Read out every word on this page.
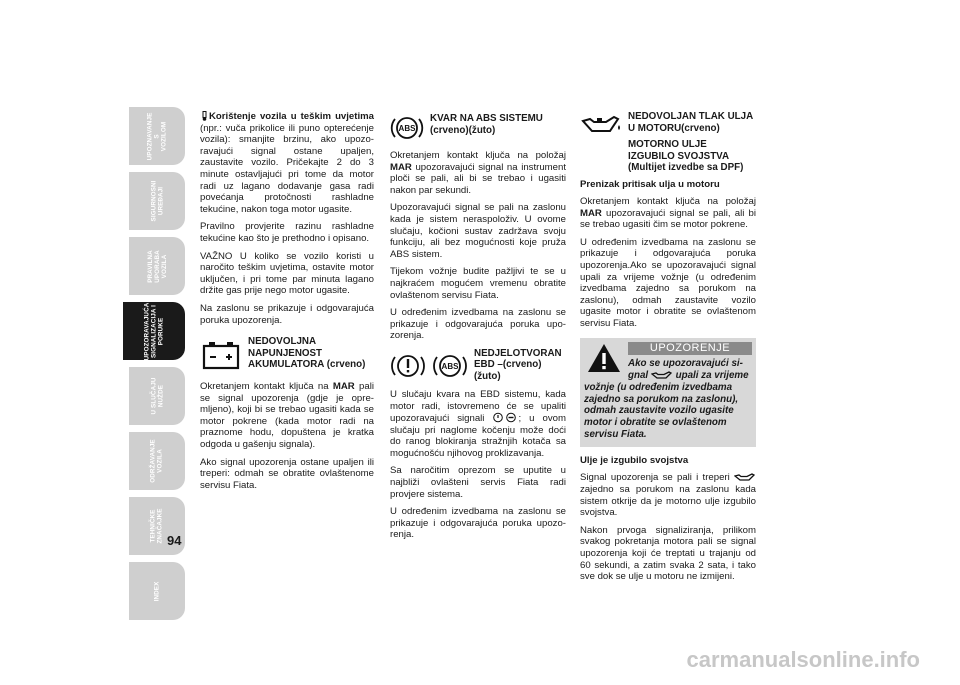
UPOZNAVANJE
S
VOZILOM
SIGURNOSNI
UREĐAJI
PRAVILNA
UPORABA
VOZILA
UPOZORAVAJUĆA
SIGNALIZACIJA I
PORUKE
U SLUČAJU
NUŽDE
ODRŽAVANJE
VOZILA
TEHNIČKE
ZNAČAJKE
INDEX
94

Korištenje vozila u teškim uvjetima (npr.: vuča prikolice ili puno opterećenje vozila): smanjite brzinu, ako upozoravajući signal ostane upaljen, zaustavite vozilo. Pričekajte 2 do 3 minute ostavljajući pri tome da motor radi uz lagano dodavanje gasa radi povećanja protočnosti rashladne tekućine, nakon toga motor ugasite.

Pravilno provjerite razinu rashladne tekućine kao što je prethodno i opisano.

VAŽNO U koliko se vozilo koristi u naročito teškim uvjetima, ostavite motor uključen, i pri tome par minuta lagano držite gas prije nego motor ugasite.

Na zaslonu se prikazuje i odgovarajuća poruka upozorenja.

NEDOVOLJNA NAPUNJENOST AKUMULATORA (crveno)

Okretanjem kontakt ključa na MAR pali se signal upozorenja (gdje je opremljeno), koji bi se trebao ugasiti kada se motor pokrene (kada motor radi na praznome hodu, dopuštena je kratka odgoda u gašenju signala).

Ako signal upozorenja ostane upaljen ili treperi: odmah se obratite ovlaštenome servisu Fiata.

ABS
KVAR NA ABS SISTEMU (crveno)(žuto)

Okretanjem kontakt ključa na položaj MAR upozoravajući signal na instrument ploči se pali, ali bi se trebao i ugasiti nakon par sekundi.

Upozoravajući signal se pali na zaslonu kada je sistem neraspoloživ. U ovome slučaju, kočioni sustav zadržava svoju funkciju, ali bez mogućnosti koje pruža ABS sistem.

Tijekom vožnje budite pažljivi te se u najkraćem mogućem vremenu obratite ovlaštenom servisu Fiata.

U određenim izvedbama na zaslonu se prikazuje i odgovarajuća poruka upozorenja.

ABS
NEDJELOTVORAN EBD –(crveno)(žuto)

U slučaju kvara na EBD sistemu, kada motor radi, istovremeno će se upaliti upozoravajući signali	; u ovom slučaju pri naglome kočenju može doći do ranog blokiranja stražnjih kotača sa mogućnošću njihovog proklizavanja.

Sa naročitim oprezom se uputite u najbliži ovlašteni servis Fiata radi provjere sistema.

U određenim izvedbama na zaslonu se prikazuje i odgovarajuća poruka upozorenja.

NEDOVOLJAN TLAK ULJA U MOTORU(crveno)
MOTORNO ULJE IZGUBILO SVOJSTVA (Multijet izvedbe sa DPF)

Prenizak pritisak ulja u motoru

Okretanjem kontakt ključa na položaj MAR upozoravajući signal se pali, ali bi se trebao ugasiti čim se motor pokrene.

U određenim izvedbama na zaslonu se prikazuje i odgovarajuća poruka upozorenja.Ako se upozoravajući signal upali za vrijeme vožnje (u određenim izvedbama zajedno sa porukom na zaslonu), odmah zaustavite vozilo ugasite motor i obratite se ovlaštenom servisu Fiata.

UPOZORENJE
Ako se upozoravajući signal  upali za vrijeme vožnje (u određenim izvedbama zajedno sa porukom na zaslonu), odmah zaustavite vozilo ugasite motor i obratite se ovlaštenom servisu Fiata.

Ulje je izgubilo svojstva

Signal upozorenja se pali i treperi  zajedno sa porukom na zaslonu kada sistem otkrije da je motorno ulje izgubilo svojstva.

Nakon prvoga signaliziranja, prilikom svakog pokretanja motora pali se signal upozorenja koji će treptati u trajanju od 60 sekundi, a zatim svaka 2 sata, i tako sve dok se ulje u motoru ne izmijeni.

carmanualsonline.info
